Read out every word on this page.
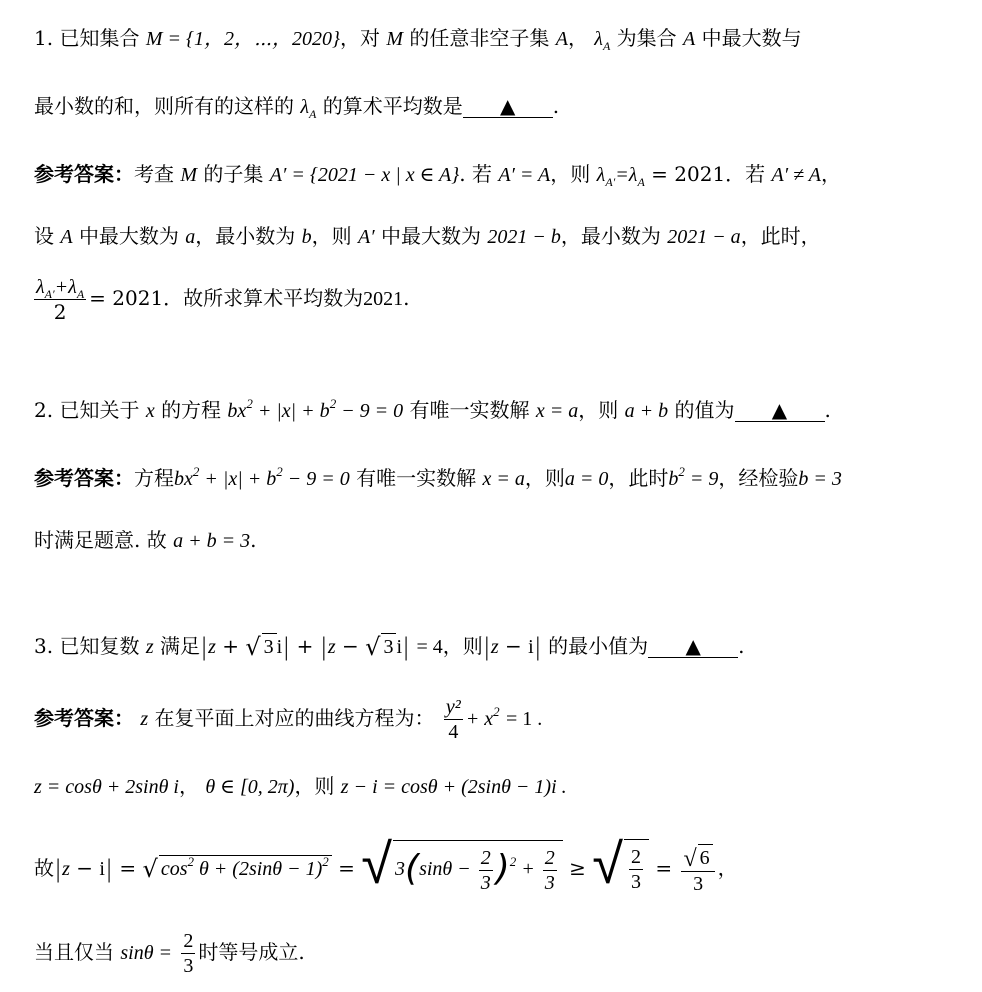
1. 已知集合 M = {1，2，⋯，2020}，对 M 的任意非空子集 A， $\lambda_A$ 为集合 A 中最大数与
最小数的和，则所有的这样的 $\lambda_A$ 的算术平均数是 ▲ .
参考答案：考查 M 的子集 A′ = {2021 − x | x ∈ A}. 若 A′ = A，则 $\lambda_{A'}=\lambda_A = 2021$．若 A′ ≠ A，
设 A 中最大数为 a，最小数为 b，则 A′ 中最大数为 2021 − b，最小数为 2021 − a，此时，
$\frac{\lambda_{A'}+\lambda_A}{2} = 2021$．故所求算术平均数为2021.
2. 已知关于 x 的方程 $bx^2 + |x| + b^2 - 9 = 0$ 有唯一实数解 x = a，则 a + b 的值为 ▲ .
参考答案：方程$bx^2 + |x| + b^2 - 9 = 0$ 有唯一实数解 x = a，则a = 0，此时$b^2 = 9$，经检验b = 3
时满足题意. 故 a + b = 3.
3. 已知复数 z 满足|z + √ 3 i| + |z − √ 3 i| = 4，则|z − i| 的最小值为 ▲ .
参考答案： z 在复平面上对应的曲线方程为： $\frac{\text{y²}}{4} + x^2 = 1$ .
z = cosθ + 2sinθ i， θ ∈ [0, 2π)，则 z − i = cosθ + (2sinθ − 1)i .
故|z − i| = √ $\cos^2 \theta + (2\sin\theta - 1)^2$ = √ $3(\sin\theta - \frac{2}{3} )^2 + \frac{2}{3}$ ≥ √ $\frac{2}{3} = \frac{√ 6}{3}$ ，
当且仅当 $\sin\theta = \frac{2}{3}$ 时等号成立.
